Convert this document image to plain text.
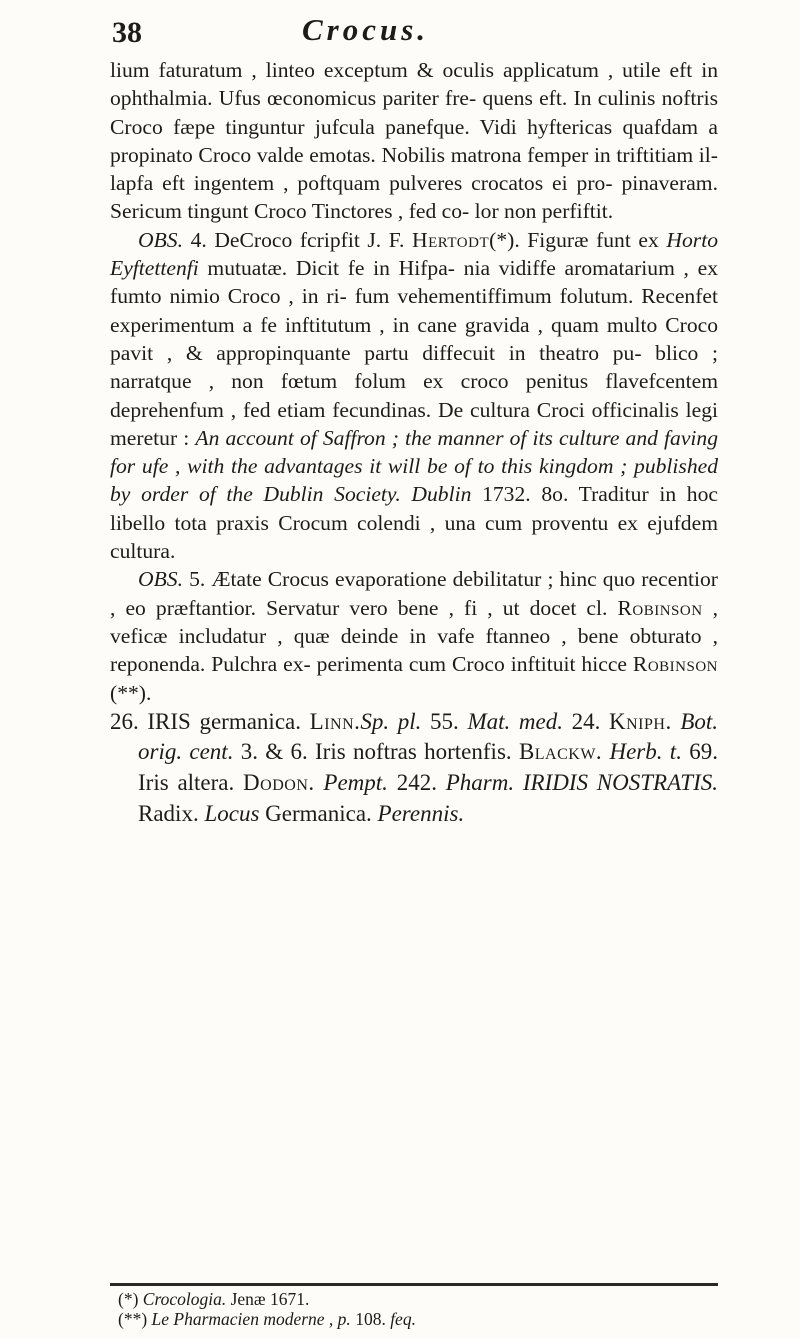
38	Crocus.

lium faturatum , linteo exceptum & oculis applicatum , utile eft in ophthalmia. Ufus œconomicus pariter fre- quens eft. In culinis noftris Croco fæpe tinguntur jufcula panefque. Vidi hyftericas quafdam a propinato Croco valde emotas. Nobilis matrona femper in triftitiam il- lapfa eft ingentem , poftquam pulveres crocatos ei pro- pinaveram. Sericum tingunt Croco Tinctores , fed co- lor non perfiftit.

OBS. 4. DeCroco fcripfit J. F. Hertodt(*). Figuræ funt ex Horto Eyftettenfi mutuatæ. Dicit fe in Hifpa- nia vidiffe aromatarium , ex fumto nimio Croco , in ri- fum vehementiffimum folutum. Recenfet experimentum a fe inftitutum , in cane gravida , quam multo Croco pavit , & appropinquante partu diffecuit in theatro pu- blico ; narratque , non fœtum folum ex croco penitus flavefcentem deprehenfum , fed etiam fecundinas. De cultura Croci officinalis legi meretur : An account of Saffron ; the manner of its culture and faving for ufe , with the advantages it will be of to this kingdom ; published by order of the Dublin Society. Dublin 1732. 8o. Traditur in hoc libello tota praxis Crocum colendi , una cum proventu ex ejufdem cultura.

OBS. 5. Ætate Crocus evaporatione debilitatur ; hinc quo recentior , eo præftantior. Servatur vero bene , fi , ut docet cl. Robinson , veficæ includatur , quæ deinde in vafe ftanneo , bene obturato , reponenda. Pulchra ex- perimenta cum Croco inftituit hicce Robinson (**).

26. IRIS germanica. Linn.Sp. pl. 55. Mat. med. 24. Kniph. Bot. orig. cent. 3. & 6. Iris noftras hortenfis. Blackw. Herb. t. 69. Iris altera. Dodon. Pempt. 242. Pharm. IRIDIS NOSTRATIS. Radix. Locus Germanica. Perennis.

(*) Crocologia. Jenæ 1671.

(**) Le Pharmacien moderne , p. 108. feq.
